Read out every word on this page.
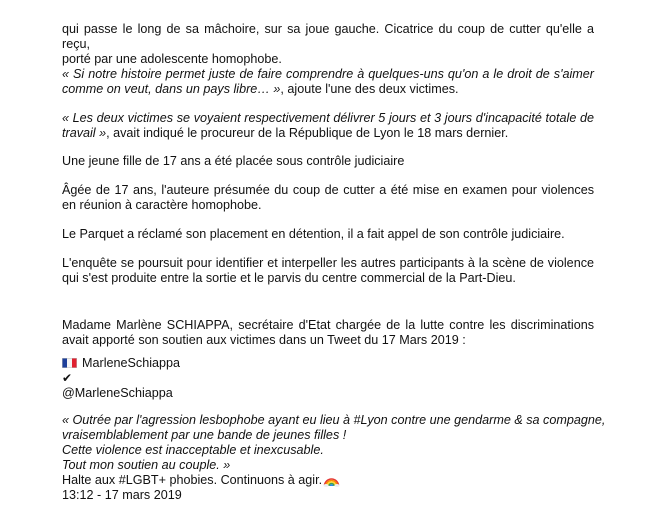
qui passe le long de sa mâchoire, sur sa joue gauche. Cicatrice du coup de cutter qu'elle a reçu,
porté par une adolescente homophobe.

« Si notre histoire permet juste de faire comprendre à quelques-uns qu'on a le droit de s'aimer comme on veut, dans un pays libre… », ajoute l'une des deux victimes.

« Les deux victimes se voyaient respectivement délivrer 5 jours et 3 jours d'incapacité totale de travail », avait indiqué le procureur de la République de Lyon le 18 mars dernier.

Une jeune fille de 17 ans a été placée sous contrôle judiciaire

Âgée de 17 ans, l'auteure présumée du coup de cutter a été mise en examen pour violences en réunion à caractère homophobe.

Le Parquet a réclamé son placement en détention, il a fait appel de son contrôle judiciaire.

L'enquête se poursuit pour identifier et interpeller les autres participants à la scène de violence qui s'est produite entre la sortie et le parvis du centre commercial de la Part-Dieu.

Madame Marlène SCHIAPPA, secrétaire d'Etat chargée de la lutte contre les discriminations avait apporté son soutien aux victimes dans un Tweet du 17 Mars 2019 :

MarleneSchiappa
✔
@MarleneSchiappa
« Outrée par l'agression lesbophobe ayant eu lieu à #Lyon contre une gendarme & sa compagne,
vraisemblablement par une bande de jeunes filles !
Cette violence est inacceptable et inexcusable.
Tout mon soutien au couple. »
Halte aux #LGBT+ phobies. Continuons à agir.
13:12 - 17 mars 2019
